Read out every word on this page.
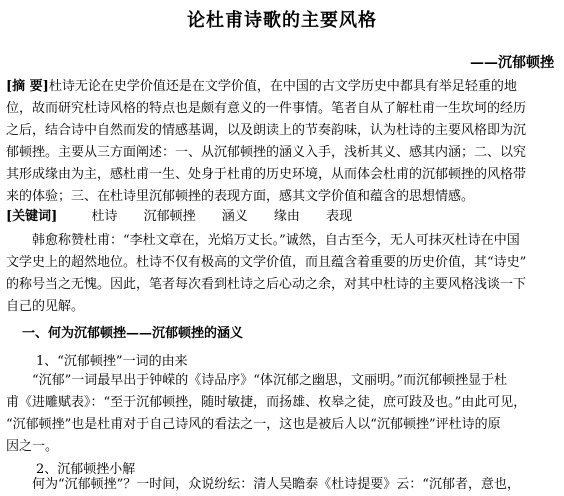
论杜甫诗歌的主要风格
——沉郁顿挫
[摘 要]杜诗无论在史学价值还是在文学价值，在中国的古文学历史中都具有举足轻重的地
位，故而研究杜诗风格的特点也是颇有意义的一件事情。笔者自从了解杜甫一生坎坷的经历
之后，结合诗中自然而发的情感基调，以及朗读上的节奏韵味，认为杜诗的主要风格即为沉
郁顿挫。主要从三方面阐述：一、从沉郁顿挫的涵义入手，浅析其义、感其内涵；二、以究
其形成缘由为主，感杜甫一生、处身于杜甫的历史环境，从而体会杜甫的沉郁顿挫的风格带
来的体验；三、在杜诗里沉郁顿挫的表现方面，感其文学价值和蕴含的思想情感。
[关键词]	杜诗 沉郁顿挫 涵义 缘由 表现
韩愈称赞杜甫：“李杜文章在，光焰万丈长。”诚然，自古至今，无人可抹灭杜诗在中国
文学史上的超然地位。杜诗不仅有极高的文学价值，而且蕴含着重要的历史价值，其“诗史”
的称号当之无愧。因此，笔者每次看到杜诗之后心动之余，对其中杜诗的主要风格浅谈一下
自己的见解。
一、何为沉郁顿挫——沉郁顿挫的涵义
1、“沉郁顿挫”一词的由来
“沉郁”一词最早出于钟嵘的《诗品序》“体沉郁之幽思，文丽明。”而沉郁顿挫显于杜
甫《进雕赋表》：“至于沉郁顿挫，随时敏捷，而扬雄、枚皋之徒，庶可跂及也。”由此可见，
“沉郁顿挫”也是杜甫对于自己诗风的看法之一，这也是被后人以“沉郁顿挫”评杜诗的原
因之一。
2、沉郁顿挫小解
何为“沉郁顿挫”？一时间，众说纷纭：清人吴瞻泰《杜诗提要》云：“沉郁者，意也，
